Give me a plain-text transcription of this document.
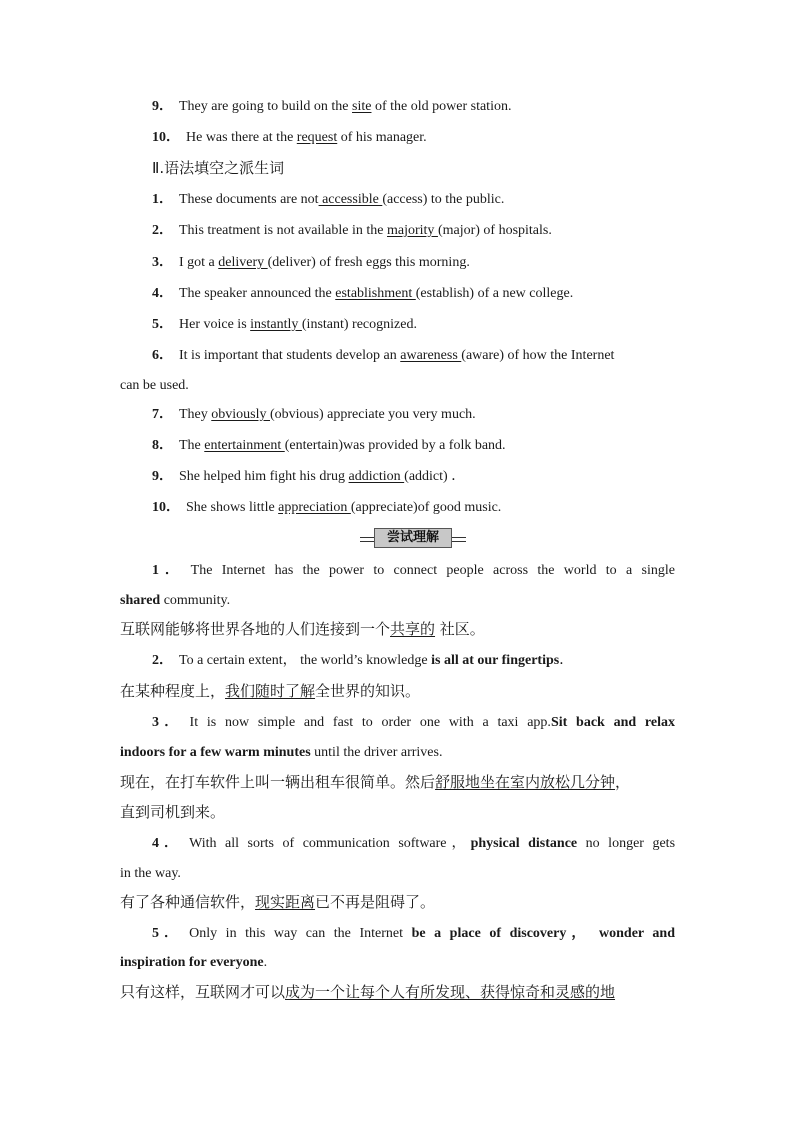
9． They are going to build on the site of the old power station.
10． He was there at the request of his manager.
Ⅱ.语法填空之派生词
1． These documents are not accessible (access) to the public.
2． This treatment is not available in the majority (major) of hospitals.
3． I got a delivery (deliver) of fresh eggs this morning.
4． The speaker announced the establishment (establish) of a new college.
5． Her voice is instantly (instant) recognized.
6． It is important that students develop an awareness (aware) of how the Internet
can be used.
7． They obviously (obvious) appreciate you very much.
8． The entertainment (entertain)was provided by a folk band.
9． She helped him fight his drug addiction (addict) ．
10． She shows little appreciation (appreciate)of good music.
尝试理解
1． The Internet has the power to connect people across the world to a single
shared community.
互联网能够将世界各地的人们连接到一个共享的 社区。
2． To a certain extent， the world’s knowledge is all at our fingertips．
在某种程度上，我们随时了解全世界的知识。
3． It is now simple and fast to order one with a taxi app.Sit back and relax
indoors for a few warm minutes until the driver arrives.
现在，在打车软件上叫一辆出租车很简单。然后舒服地坐在室内放松几分钟，
直到司机到来。
4． With all sorts of communication software，physical distance no longer gets
in the way.
有了各种通信软件，现实距离已不再是阻碍了。
5． Only in this way can the Internet be a place of discovery， wonder and
inspiration for everyone.
只有这样，互联网才可以成为一个让每个人有所发现、获得惊奇和灵感的地
